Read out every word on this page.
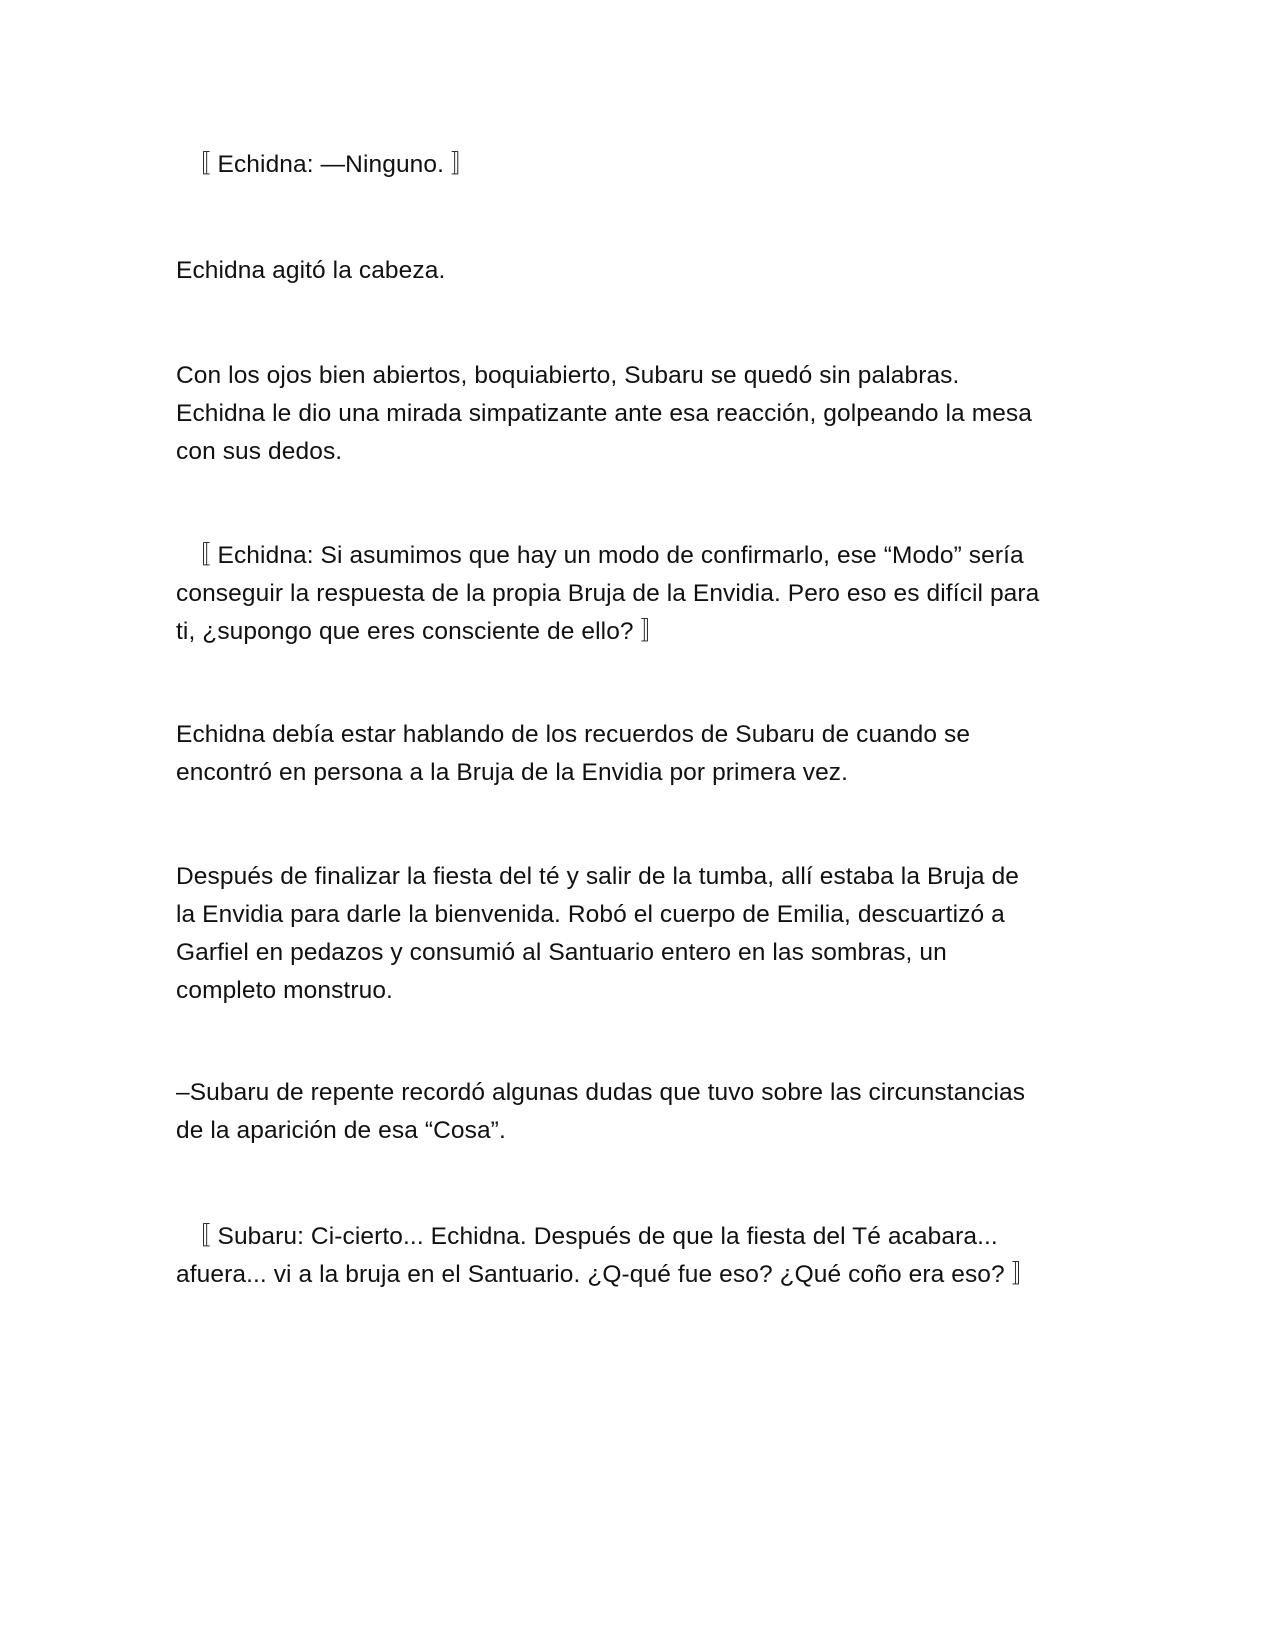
〚 Echidna: —Ninguno. 〛

Echidna agitó la cabeza.

Con los ojos bien abiertos, boquiabierto, Subaru se quedó sin palabras.
Echidna le dio una mirada simpatizante ante esa reacción, golpeando la mesa
con sus dedos.

〚 Echidna: Si asumimos que hay un modo de confirmarlo, ese “Modo” sería
conseguir la respuesta de la propia Bruja de la Envidia. Pero eso es difícil para
ti, ¿supongo que eres consciente de ello? 〛

Echidna debía estar hablando de los recuerdos de Subaru de cuando se
encontró en persona a la Bruja de la Envidia por primera vez.

Después de finalizar la fiesta del té y salir de la tumba, allí estaba la Bruja de
la Envidia para darle la bienvenida. Robó el cuerpo de Emilia, descuartizó a
Garfiel en pedazos y consumió al Santuario entero en las sombras, un
completo monstruo.

–Subaru de repente recordó algunas dudas que tuvo sobre las circunstancias
de la aparición de esa “Cosa”.

〚 Subaru: Ci-cierto... Echidna. Después de que la fiesta del Té acabara...
afuera... vi a la bruja en el Santuario. ¿Q-qué fue eso? ¿Qué coño era eso? 〛
